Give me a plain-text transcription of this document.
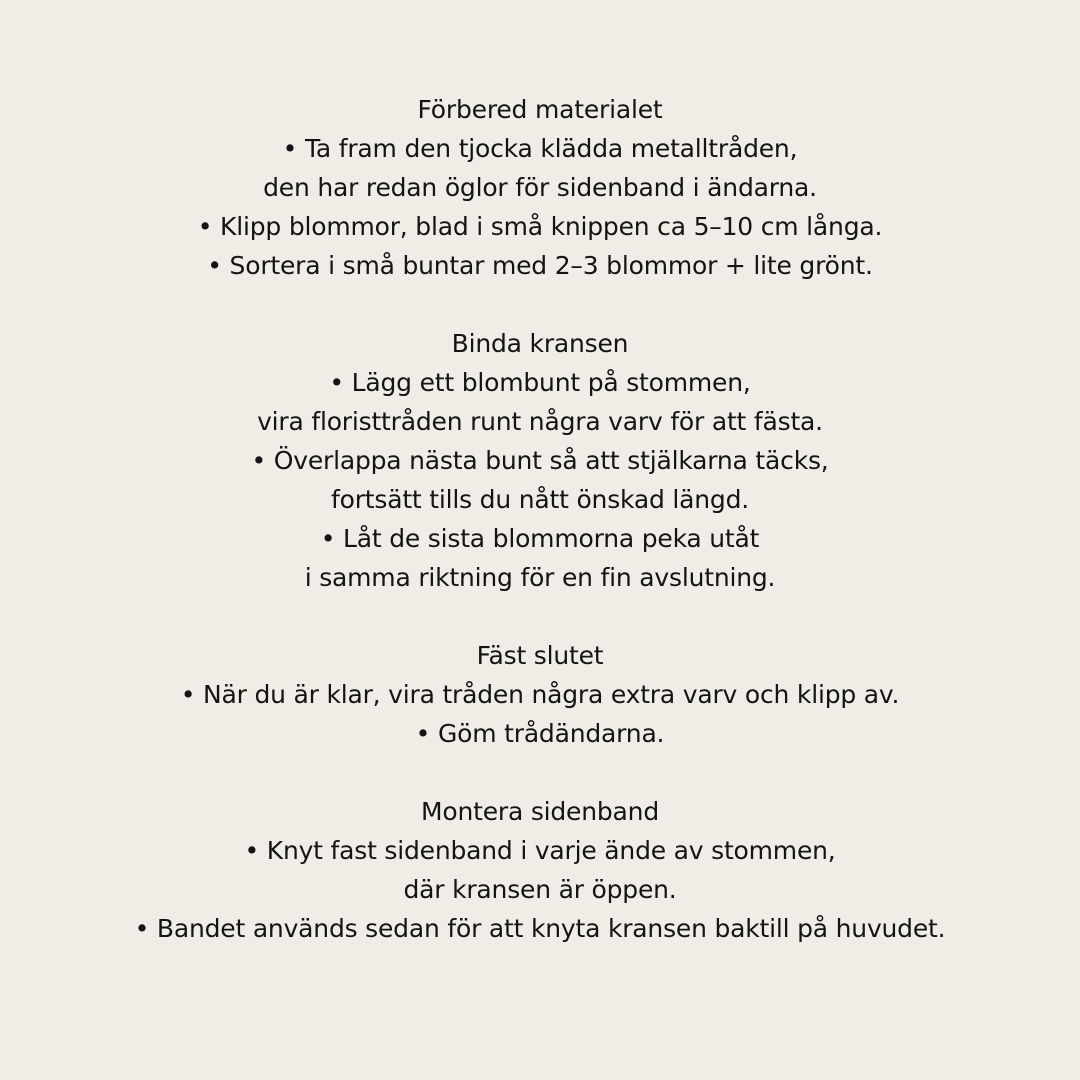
Förbered materialet
• Ta fram den tjocka klädda metalltråden,
den har redan öglor för sidenband i ändarna.
• Klipp blommor, blad i små knippen ca 5–10 cm långa.
• Sortera i små buntar med 2–3 blommor + lite grönt.
Binda kransen
• Lägg ett blombunt på stommen,
vira floristtråden runt några varv för att fästa.
• Överlappa nästa bunt så att stjälkarna täcks,
fortsätt tills du nått önskad längd.
• Låt de sista blommorna peka utåt
i samma riktning för en fin avslutning.
Fäst slutet
• När du är klar, vira tråden några extra varv och klipp av.
• Göm trådändarna.
Montera sidenband
• Knyt fast sidenband i varje ände av stommen,
där kransen är öppen.
• Bandet används sedan för att knyta kransen baktill på huvudet.
